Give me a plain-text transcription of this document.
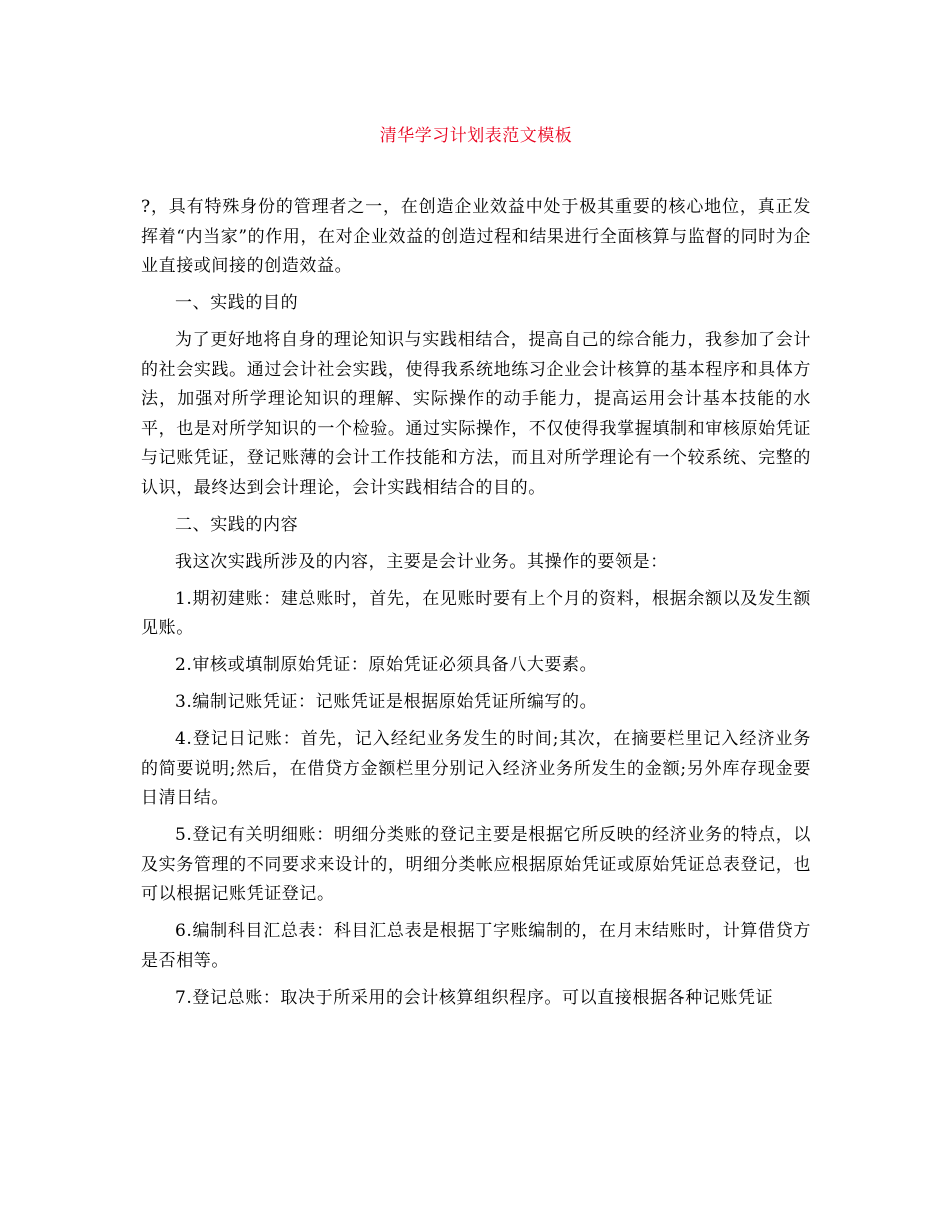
清华学习计划表范文模板

?，具有特殊身份的管理者之一，在创造企业效益中处于极其重要的核心地位，真正发挥着“内当家”的作用，在对企业效益的创造过程和结果进行全面核算与监督的同时为企业直接或间接的创造效益。

一、实践的目的

为了更好地将自身的理论知识与实践相结合，提高自己的综合能力，我参加了会计的社会实践。通过会计社会实践，使得我系统地练习企业会计核算的基本程序和具体方法，加强对所学理论知识的理解、实际操作的动手能力，提高运用会计基本技能的水平，也是对所学知识的一个检验。通过实际操作，不仅使得我掌握填制和审核原始凭证与记账凭证，登记账薄的会计工作技能和方法，而且对所学理论有一个较系统、完整的认识，最终达到会计理论，会计实践相结合的目的。

二、实践的内容

我这次实践所涉及的内容，主要是会计业务。其操作的要领是：

1.期初建账：建总账时，首先，在见账时要有上个月的资料，根据余额以及发生额见账。

2.审核或填制原始凭证：原始凭证必须具备八大要素。

3.编制记账凭证：记账凭证是根据原始凭证所编写的。

4.登记日记账：首先，记入经纪业务发生的时间;其次，在摘要栏里记入经济业务的简要说明;然后，在借贷方金额栏里分别记入经济业务所发生的金额;另外库存现金要日清日结。

5.登记有关明细账：明细分类账的登记主要是根据它所反映的经济业务的特点，以及实务管理的不同要求来设计的，明细分类帐应根据原始凭证或原始凭证总表登记，也可以根据记账凭证登记。

6.编制科目汇总表：科目汇总表是根据丁字账编制的，在月末结账时，计算借贷方是否相等。

7.登记总账：取决于所采用的会计核算组织程序。可以直接根据各种记账凭证
